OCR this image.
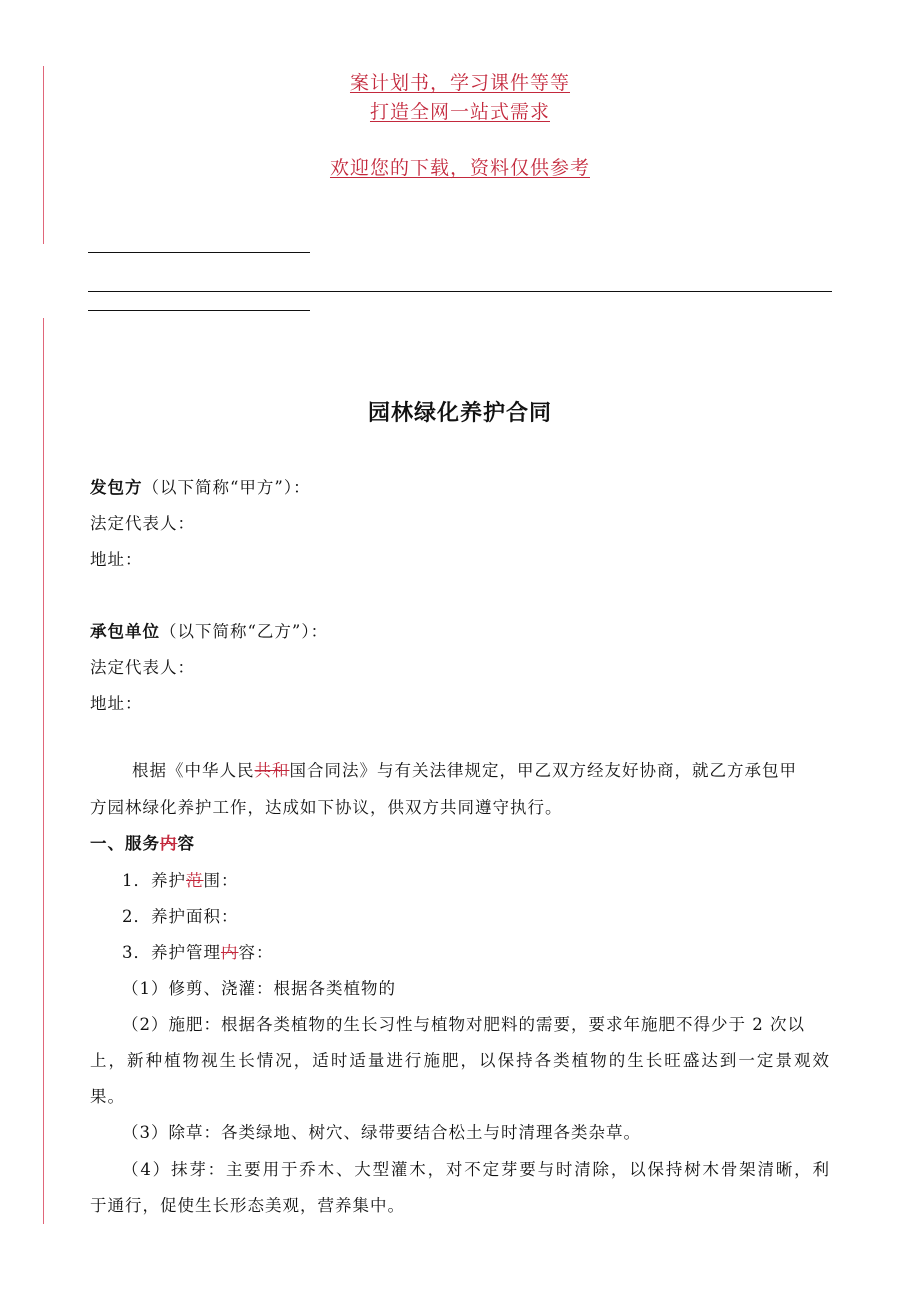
案计划书，学习课件等等
打造全网一站式需求
欢迎您的下载，资料仅供参考
园林绿化养护合同
发包方（以下简称“甲方”）：
法定代表人：
地址：
承包单位（以下简称“乙方”）：
法定代表人：
地址：
根据《中华人民共和国合同法》与有关法律规定，甲乙双方经友好协商，就乙方承包甲
方园林绿化养护工作，达成如下协议，供双方共同遵守执行。
一、服务内容
1．养护范围：
2．养护面积：
3．养护管理内容：
（1）修剪、浇灌：根据各类植物的
（2）施肥：根据各类植物的生长习性与植物对肥料的需要，要求年施肥不得少于 2 次以
上，新种植物视生长情况，适时适量进行施肥，以保持各类植物的生长旺盛达到一定景观效
果。
（3）除草：各类绿地、树穴、绿带要结合松土与时清理各类杂草。
（4）抹芽：主要用于乔木、大型灌木，对不定芽要与时清除，以保持树木骨架清晰，利
于通行，促使生长形态美观，营养集中。
